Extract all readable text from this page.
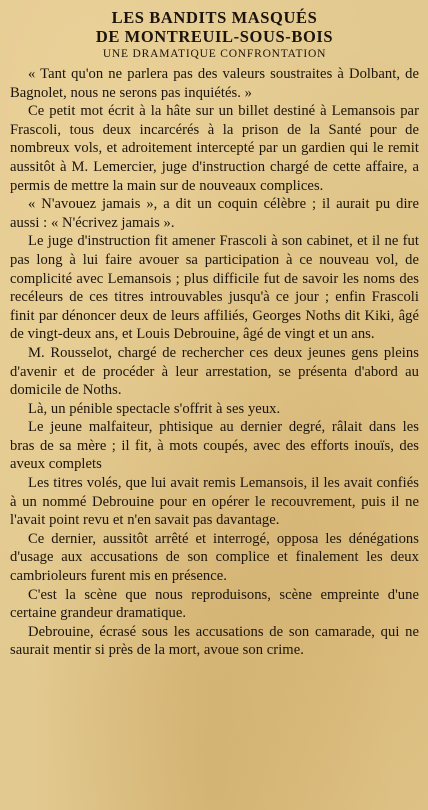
LES BANDITS MASQUÉS
DE MONTREUIL-SOUS-BOIS
UNE DRAMATIQUE CONFRONTATION

« Tant qu'on ne parlera pas des valeurs soustraites à Dolbant, de Bagnolet, nous ne serons pas inquiétés. »

Ce petit mot écrit à la hâte sur un billet destiné à Lemansois par Frascoli, tous deux incarcérés à la prison de la Santé pour de nombreux vols, et adroitement intercepté par un gardien qui le remit aussitôt à M. Lemercier, juge d'instruction chargé de cette affaire, a permis de mettre la main sur de nouveaux complices.

« N'avouez jamais », a dit un coquin célèbre ; il aurait pu dire aussi : « N'écrivez jamais ».

Le juge d'instruction fit amener Frascoli à son cabinet, et il ne fut pas long à lui faire avouer sa participation à ce nouveau vol, de complicité avec Lemansois ; plus difficile fut de savoir les noms des recéleurs de ces titres introuvables jusqu'à ce jour ; enfin Frascoli finit par dénoncer deux de leurs affiliés, Georges Noths dit Kiki, âgé de vingt-deux ans, et Louis Debrouine, âgé de vingt et un ans.

M. Rousselot, chargé de rechercher ces deux jeunes gens pleins d'avenir et de procéder à leur arrestation, se présenta d'abord au domicile de Noths.

Là, un pénible spectacle s'offrit à ses yeux.

Le jeune malfaiteur, phtisique au dernier degré, râlait dans les bras de sa mère ; il fit, à mots coupés, avec des efforts inouïs, des aveux complets

Les titres volés, que lui avait remis Lemansois, il les avait confiés à un nommé Debrouine pour en opérer le recouvrement, puis il ne l'avait point revu et n'en savait pas davantage.

Ce dernier, aussitôt arrêté et interrogé, opposa les dénégations d'usage aux accusations de son complice et finalement les deux cambrioleurs furent mis en présence.

C'est la scène que nous reproduisons, scène empreinte d'une certaine grandeur dramatique.

Debrouine, écrasé sous les accusations de son camarade, qui ne saurait mentir si près de la mort, avoue son crime.
